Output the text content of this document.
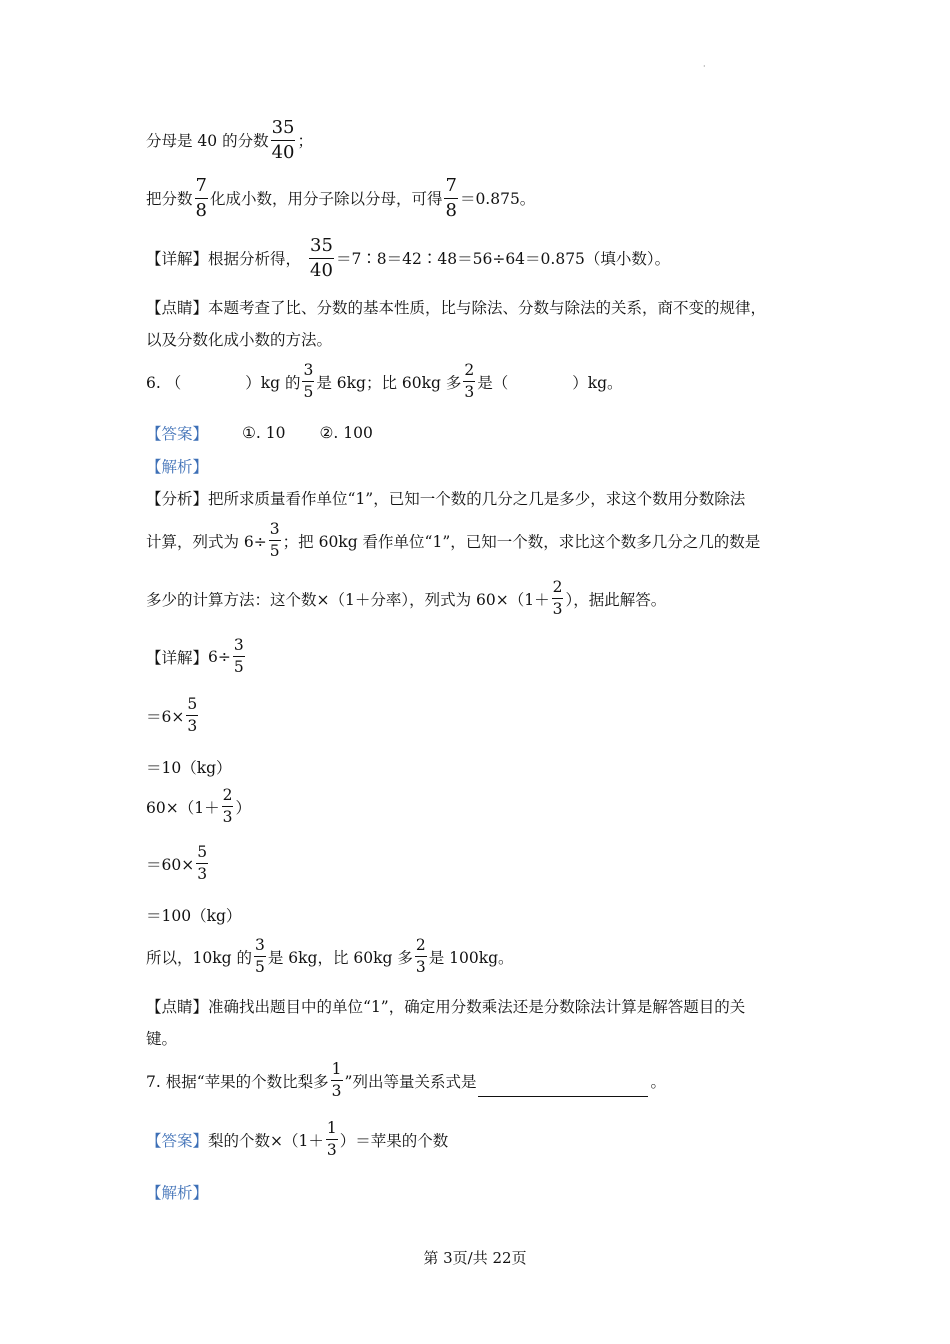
·
分母是 40 的分数 $\frac{35}{40}$ ；
把分数 $\frac{7}{8}$ 化成小数，用分子除以分母，可得 $\frac{7}{8} =0.875$。
【详解】 根据分析得， $\frac{35}{40}$ ＝7∶8＝42∶48＝56÷64＝0.875（填小数）。
【点睛】 本题考查了比、分数的基本性质，比与除法、分数与除法的关系，商不变的规律，
以及分数化成小数的方法。
6. （	）kg 的 $\frac{3}{5}$ 是 6kg；比 60kg 多 $\frac{2}{3}$ 是（	）kg。
【答案】 ①. 10 ②. 100
【解析】
【分析】 把所求质量看作单位“1”，已知一个数的几分之几是多少，求这个数用分数除法
计算，列式为 $6\div \frac{3}{5}$ ；把 60kg 看作单位“1”，已知一个数，求比这个数多几分之几的数是
多少的计算方法：这个数×（1＋分率），列式为 $60\times(1+ \frac{2}{3}$ ），据此解答。
【详解】 $6\div \frac{3}{5}$
$=6\times \frac{5}{3}$
＝10（kg）
$60\times(1+ \frac{2}{3}$ ）
$=60\times \frac{5}{3}$
＝100（kg）
所以，10kg 的 $\frac{3}{5}$ 是 6kg，比 60kg 多 $\frac{2}{3}$ 是 100kg。
【点睛】 准确找出题目中的单位“1”，确定用分数乘法还是分数除法计算是解答题目的关
键。
7. 根据“苹果的个数比梨多 $\frac{1}{3}$ ”列出等量关系式是	。
【答案】 梨的个数$\times(1+ \frac{1}{3}$ ）＝苹果的个数
【解析】
第 3页/共 22页
